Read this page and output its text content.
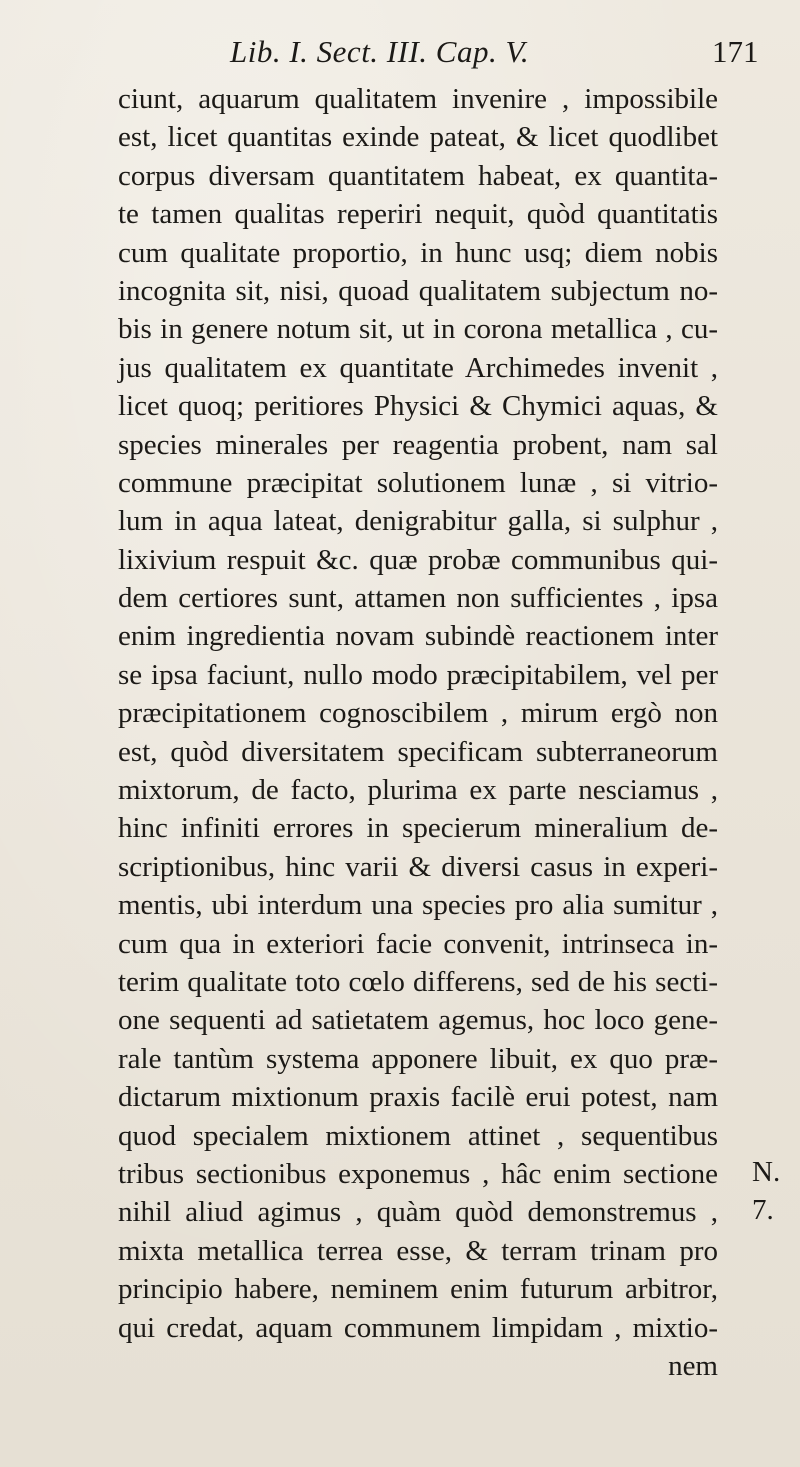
Lib. I. Sect. III. Cap. V.	171
ciunt, aquarum qualitatem invenire , impossibile
est, licet quantitas exinde pateat, & licet quodlibet
corpus diversam quantitatem habeat, ex quantita-
te tamen qualitas reperiri nequit, quòd quantitatis
cum qualitate proportio, in hunc usq; diem nobis
incognita sit, nisi, quoad qualitatem subjectum no-
bis in genere notum sit, ut in corona metallica , cu-
jus qualitatem ex quantitate Archimedes invenit ,
licet quoq; peritiores Physici & Chymici aquas, &
species minerales per reagentia probent, nam sal
commune præcipitat solutionem lunæ , si vitrio-
lum in aqua lateat, denigrabitur galla, si sulphur ,
lixivium respuit &c. quæ probæ communibus qui-
dem certiores sunt, attamen non sufficientes , ipsa
enim ingredientia novam subindè reactionem inter
se ipsa faciunt, nullo modo præcipitabilem, vel per
præcipitationem cognoscibilem , mirum ergò non
est, quòd diversitatem specificam subterraneorum
mixtorum, de facto, plurima ex parte nesciamus ,
hinc infiniti errores in specierum mineralium de-
scriptionibus, hinc varii & diversi casus in experi-
mentis, ubi interdum una species pro alia sumitur ,
cum qua in exteriori facie convenit, intrinseca in-
terim qualitate toto cœlo differens, sed de his secti-
one sequenti ad satietatem agemus, hoc loco gene-
rale tantùm systema apponere libuit, ex quo præ-
dictarum mixtionum praxis facilè erui potest, nam
quod specialem mixtionem attinet , sequentibus
tribus sectionibus exponemus , hâc enim sectione
nihil aliud agimus , quàm quòd demonstremus ,
mixta metallica terrea esse, & terram trinam pro
principio habere, neminem enim futurum arbitror,
qui credat, aquam communem limpidam , mixtio-
nem
N.
7.
